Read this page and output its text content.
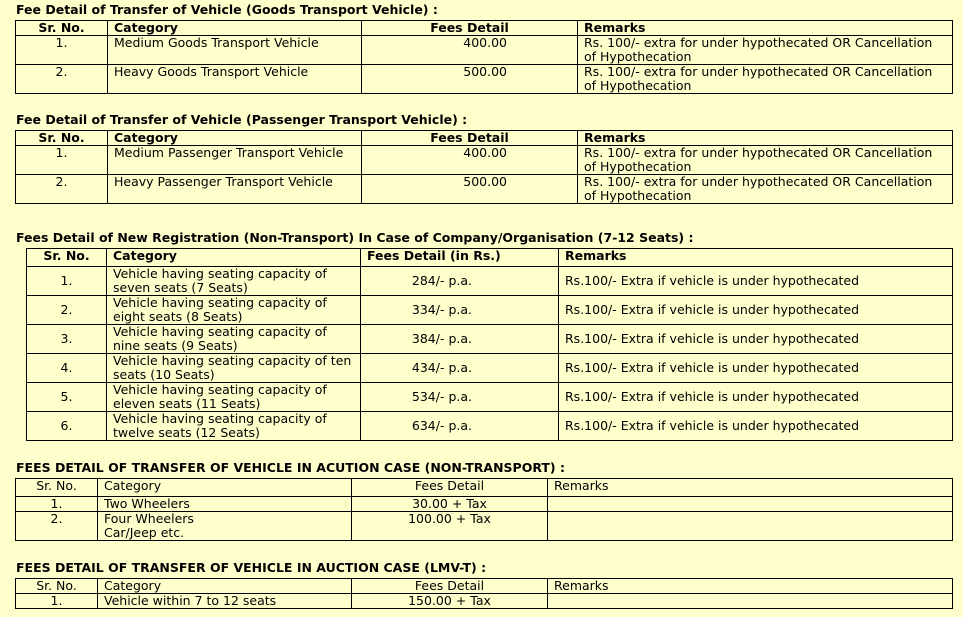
Fee Detail of Transfer of Vehicle (Goods Transport Vehicle) :
Sr. No.	Category	Fees Detail	Remarks
1.	Medium Goods Transport Vehicle	400.00	Rs. 100/- extra for under hypothecated OR Cancellation of Hypothecation
2.	Heavy Goods Transport Vehicle	500.00	Rs. 100/- extra for under hypothecated OR Cancellation of Hypothecation
Fee Detail of Transfer of Vehicle (Passenger Transport Vehicle) :
Sr. No.	Category	Fees Detail	Remarks
1.	Medium Passenger Transport Vehicle	400.00	Rs. 100/- extra for under hypothecated OR Cancellation of Hypothecation
2.	Heavy Passenger Transport Vehicle	500.00	Rs. 100/- extra for under hypothecated OR Cancellation of Hypothecation
Fees Detail of New Registration (Non-Transport) In Case of Company/Organisation (7-12 Seats) :
Sr. No.	Category	Fees Detail (in Rs.)	Remarks
1.	Vehicle having seating capacity of seven seats (7 Seats)	284/- p.a.	Rs.100/- Extra if vehicle is under hypothecated
2.	Vehicle having seating capacity of eight seats (8 Seats)	334/- p.a.	Rs.100/- Extra if vehicle is under hypothecated
3.	Vehicle having seating capacity of nine seats (9 Seats)	384/- p.a.	Rs.100/- Extra if vehicle is under hypothecated
4.	Vehicle having seating capacity of ten seats (10 Seats)	434/- p.a.	Rs.100/- Extra if vehicle is under hypothecated
5.	Vehicle having seating capacity of eleven seats (11 Seats)	534/- p.a.	Rs.100/- Extra if vehicle is under hypothecated
6.	Vehicle having seating capacity of twelve seats (12 Seats)	634/- p.a.	Rs.100/- Extra if vehicle is under hypothecated
FEES DETAIL OF TRANSFER OF VEHICLE IN ACUTION CASE (NON-TRANSPORT) :
Sr. No.	Category	Fees Detail	Remarks
1.	Two Wheelers	30.00 + Tax	
2.	Four Wheelers Car/Jeep etc.	100.00 + Tax	
FEES DETAIL OF TRANSFER OF VEHICLE IN AUCTION CASE (LMV-T) :
Sr. No.	Category	Fees Detail	Remarks
1.	Vehicle within 7 to 12 seats	150.00 + Tax	
